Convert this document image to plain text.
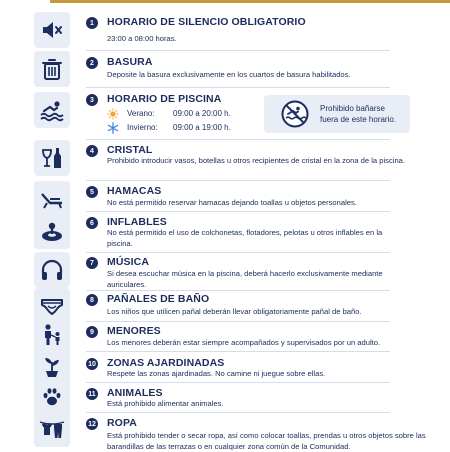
1	HORARIO DE SILENCIO OBLIGATORIO
23:00 a 08:00 horas.
2	BASURA
Deposite la basura exclusivamente en los cuartos de basura habilitados.
3	HORARIO DE PISCINA
Verano: 09:00 a 20:00 h.
Invierno: 09:00 a 19:00 h.
Prohibido bañarse
fuera de este horario.
4	CRISTAL
Prohibido introducir vasos, botellas u otros recipientes de cristal en la zona de la piscina.
5	HAMACAS
No está permitido reservar hamacas dejando toallas u objetos personales.
6	INFLABLES
No está permitido el uso de colchonetas, flotadores, pelotas u otros inflables en la piscina.
7	MÚSICA
Si desea escuchar música en la piscina, deberá hacerlo exclusivamente mediante auriculares.
8	PAÑALES DE BAÑO
Los niños que utilicen pañal deberán llevar obligatoriamente pañal de baño.
9	MENORES
Los menores deberán estar siempre acompañados y supervisados por un adulto.
10 ZONAS AJARDINADAS
Respete las zonas ajardinadas. No camine ni juegue sobre ellas.
11 ANIMALES
Está prohibido alimentar animales.
12 ROPA
Está prohibido tender o secar ropa, así como colocar toallas, prendas u otros objetos sobre las barandillas de las terrazas o en cualquier zona común de la Comunidad.
